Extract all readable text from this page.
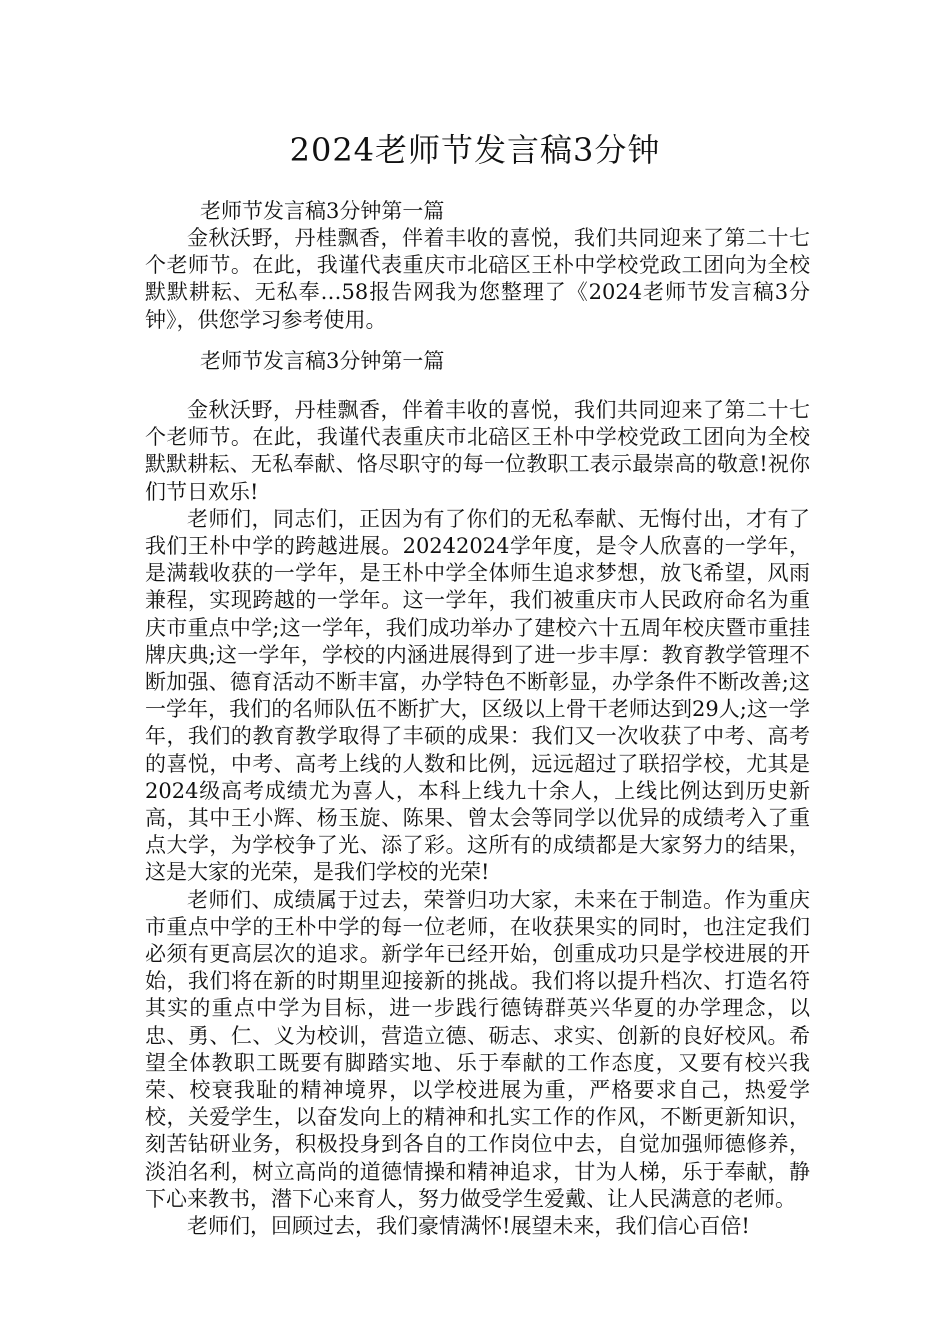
2024老师节发言稿3分钟
老师节发言稿3分钟第一篇
金秋沃野，丹桂飘香，伴着丰收的喜悦，我们共同迎来了第二十七个老师节。在此，我谨代表重庆市北碚区王朴中学校党政工团向为全校默默耕耘、无私奉…58报告网我为您整理了《2024老师节发言稿3分钟》，供您学习参考使用。
老师节发言稿3分钟第一篇

金秋沃野，丹桂飘香，伴着丰收的喜悦，我们共同迎来了第二十七个老师节。在此，我谨代表重庆市北碚区王朴中学校党政工团向为全校默默耕耘、无私奉献、恪尽职守的每一位教职工表示最崇高的敬意!祝你们节日欢乐!

老师们，同志们，正因为有了你们的无私奉献、无悔付出，才有了我们王朴中学的跨越进展。20242024学年度，是令人欣喜的一学年，是满载收获的一学年，是王朴中学全体师生追求梦想，放飞希望，风雨兼程，实现跨越的一学年。这一学年，我们被重庆市人民政府命名为重庆市重点中学;这一学年，我们成功举办了建校六十五周年校庆暨市重挂牌庆典;这一学年，学校的内涵进展得到了进一步丰厚：教育教学管理不断加强、德育活动不断丰富，办学特色不断彰显，办学条件不断改善;这一学年，我们的名师队伍不断扩大，区级以上骨干老师达到29人;这一学年，我们的教育教学取得了丰硕的成果：我们又一次收获了中考、高考的喜悦，中考、高考上线的人数和比例，远远超过了联招学校，尤其是2024级高考成绩尤为喜人，本科上线九十余人，上线比例达到历史新高，其中王小辉、杨玉旋、陈果、曾太会等同学以优异的成绩考入了重点大学，为学校争了光、添了彩。这所有的成绩都是大家努力的结果，这是大家的光荣，是我们学校的光荣!

老师们、成绩属于过去，荣誉归功大家，未来在于制造。作为重庆市重点中学的王朴中学的每一位老师，在收获果实的同时，也注定我们必须有更高层次的追求。新学年已经开始，创重成功只是学校进展的开始，我们将在新的时期里迎接新的挑战。我们将以提升档次、打造名符其实的重点中学为目标，进一步践行德铸群英兴华夏的办学理念，以忠、勇、仁、义为校训，营造立德、砺志、求实、创新的良好校风。希望全体教职工既要有脚踏实地、乐于奉献的工作态度，又要有校兴我荣、校衰我耻的精神境界，以学校进展为重，严格要求自己，热爱学校，关爱学生，以奋发向上的精神和扎实工作的作风，不断更新知识，刻苦钻研业务，积极投身到各自的工作岗位中去，自觉加强师德修养，淡泊名利，树立高尚的道德情操和精神追求，甘为人梯，乐于奉献，静下心来教书，潜下心来育人，努力做受学生爱戴、让人民满意的老师。

老师们，回顾过去，我们豪情满怀!展望未来，我们信心百倍!
